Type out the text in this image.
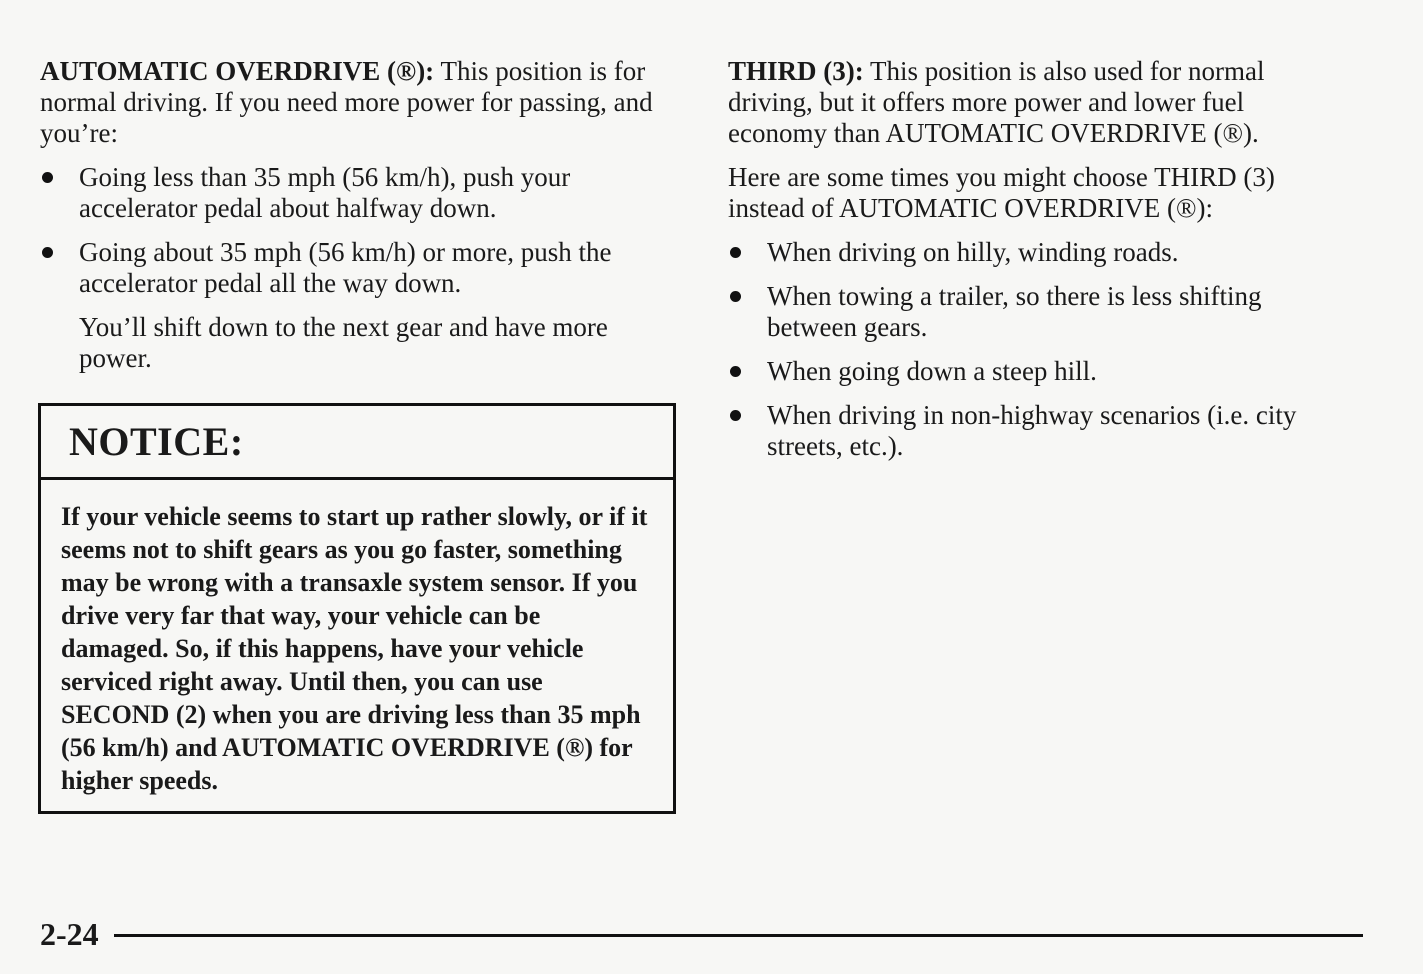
AUTOMATIC OVERDRIVE (®): This position is for normal driving. If you need more power for passing, and you’re:

Going less than 35 mph (56 km/h), push your accelerator pedal about halfway down.
Going about 35 mph (56 km/h) or more, push the accelerator pedal all the way down.

You’ll shift down to the next gear and have more power.

NOTICE:
If your vehicle seems to start up rather slowly, or if it seems not to shift gears as you go faster, something may be wrong with a transaxle system sensor. If you drive very far that way, your vehicle can be damaged. So, if this happens, have your vehicle serviced right away. Until then, you can use SECOND (2) when you are driving less than 35 mph (56 km/h) and AUTOMATIC OVERDRIVE (®) for higher speeds.

THIRD (3): This position is also used for normal driving, but it offers more power and lower fuel economy than AUTOMATIC OVERDRIVE (®).

Here are some times you might choose THIRD (3) instead of AUTOMATIC OVERDRIVE (®):

When driving on hilly, winding roads.
When towing a trailer, so there is less shifting between gears.
When going down a steep hill.
When driving in non-highway scenarios (i.e. city streets, etc.).
2-24
